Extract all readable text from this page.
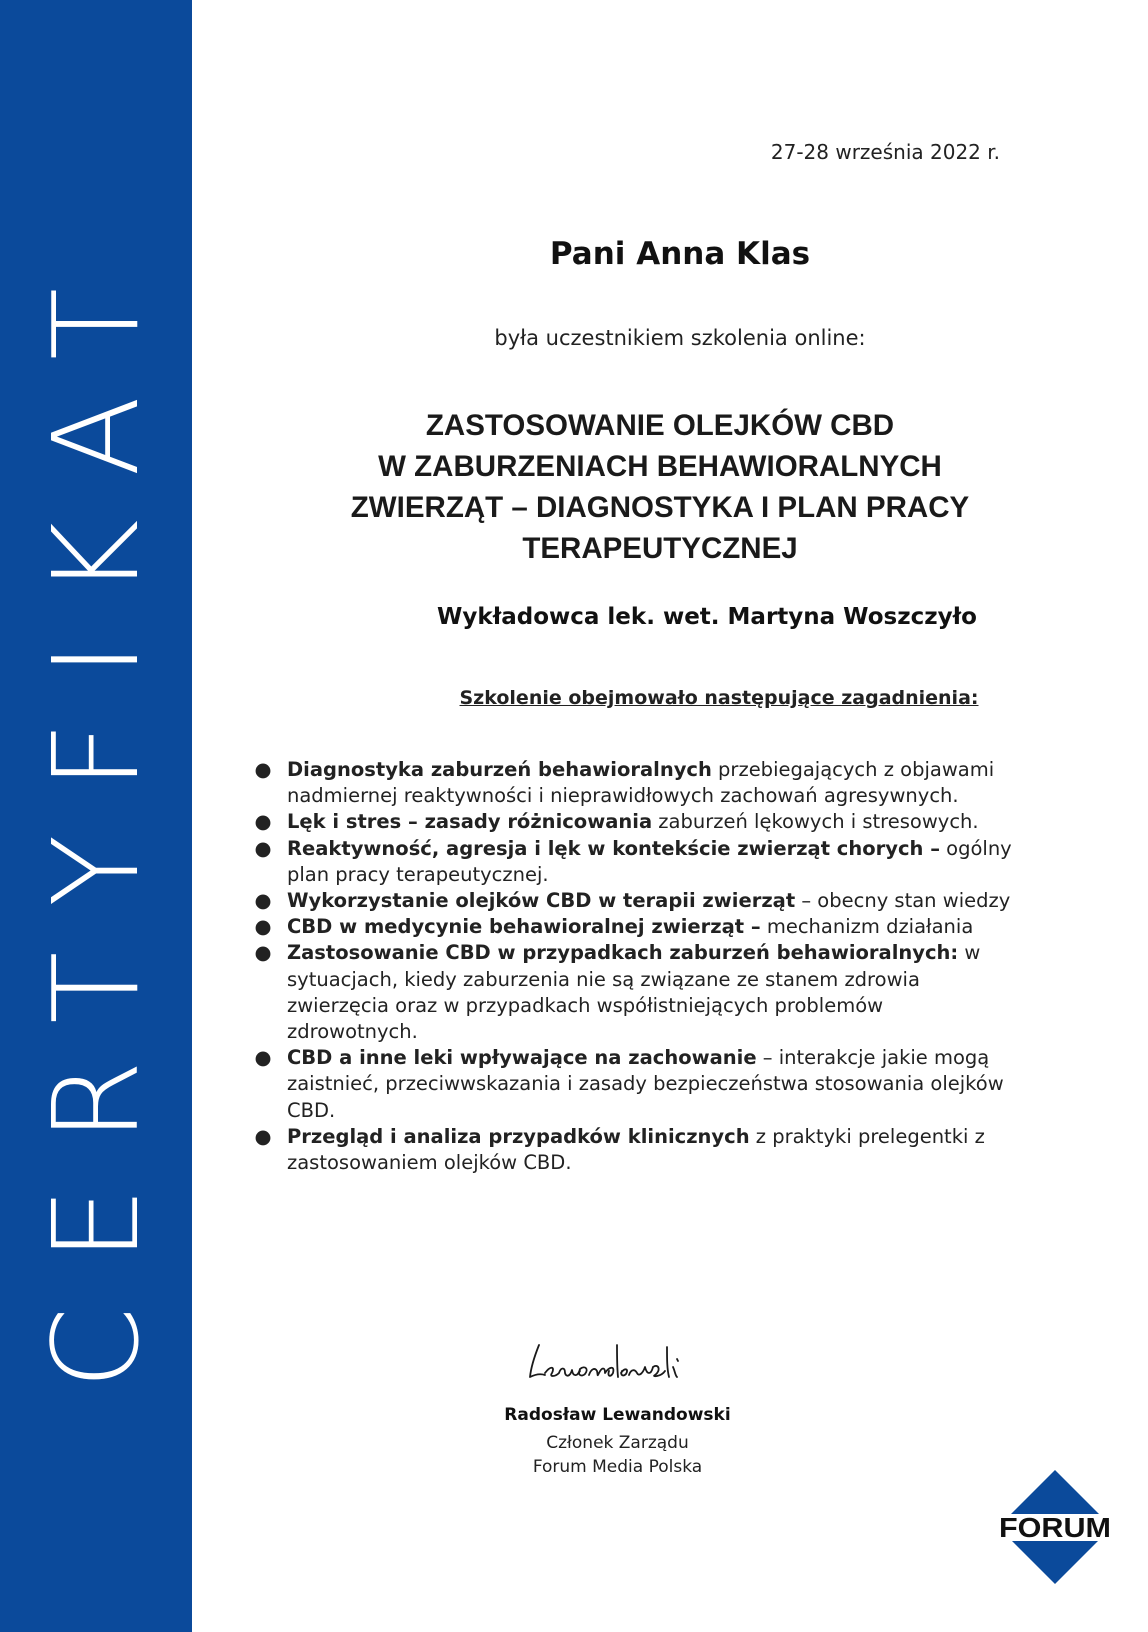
CERTYFIKAT
27-28 września 2022 r.
Pani Anna Klas
była uczestnikiem szkolenia online:
ZASTOSOWANIE OLEJKÓW CBD
W ZABURZENIACH BEHAWIORALNYCH
ZWIERZĄT – DIAGNOSTYKA I PLAN PRACY
TERAPEUTYCZNEJ
Wykładowca lek. wet. Martyna Woszczyło
Szkolenie obejmowało następujące zagadnienia:
● Diagnostyka zaburzeń behawioralnych przebiegających z objawami nadmiernej reaktywności i nieprawidłowych zachowań agresywnych.
● Lęk i stres – zasady różnicowania zaburzeń lękowych i stresowych.
● Reaktywność, agresja i lęk w kontekście zwierząt chorych – ogólny plan pracy terapeutycznej.
● Wykorzystanie olejków CBD w terapii zwierząt – obecny stan wiedzy
● CBD w medycynie behawioralnej zwierząt – mechanizm działania
● Zastosowanie CBD w przypadkach zaburzeń behawioralnych: w sytuacjach, kiedy zaburzenia nie są związane ze stanem zdrowia zwierzęcia oraz w przypadkach współistniejących problemów zdrowotnych.
● CBD a inne leki wpływające na zachowanie – interakcje jakie mogą zaistnieć, przeciwwskazania i zasady bezpieczeństwa stosowania olejków CBD.
● Przegląd i analiza przypadków klinicznych z praktyki prelegentki z zastosowaniem olejków CBD.
Radosław Lewandowski
Członek Zarządu
Forum Media Polska
FORUM
